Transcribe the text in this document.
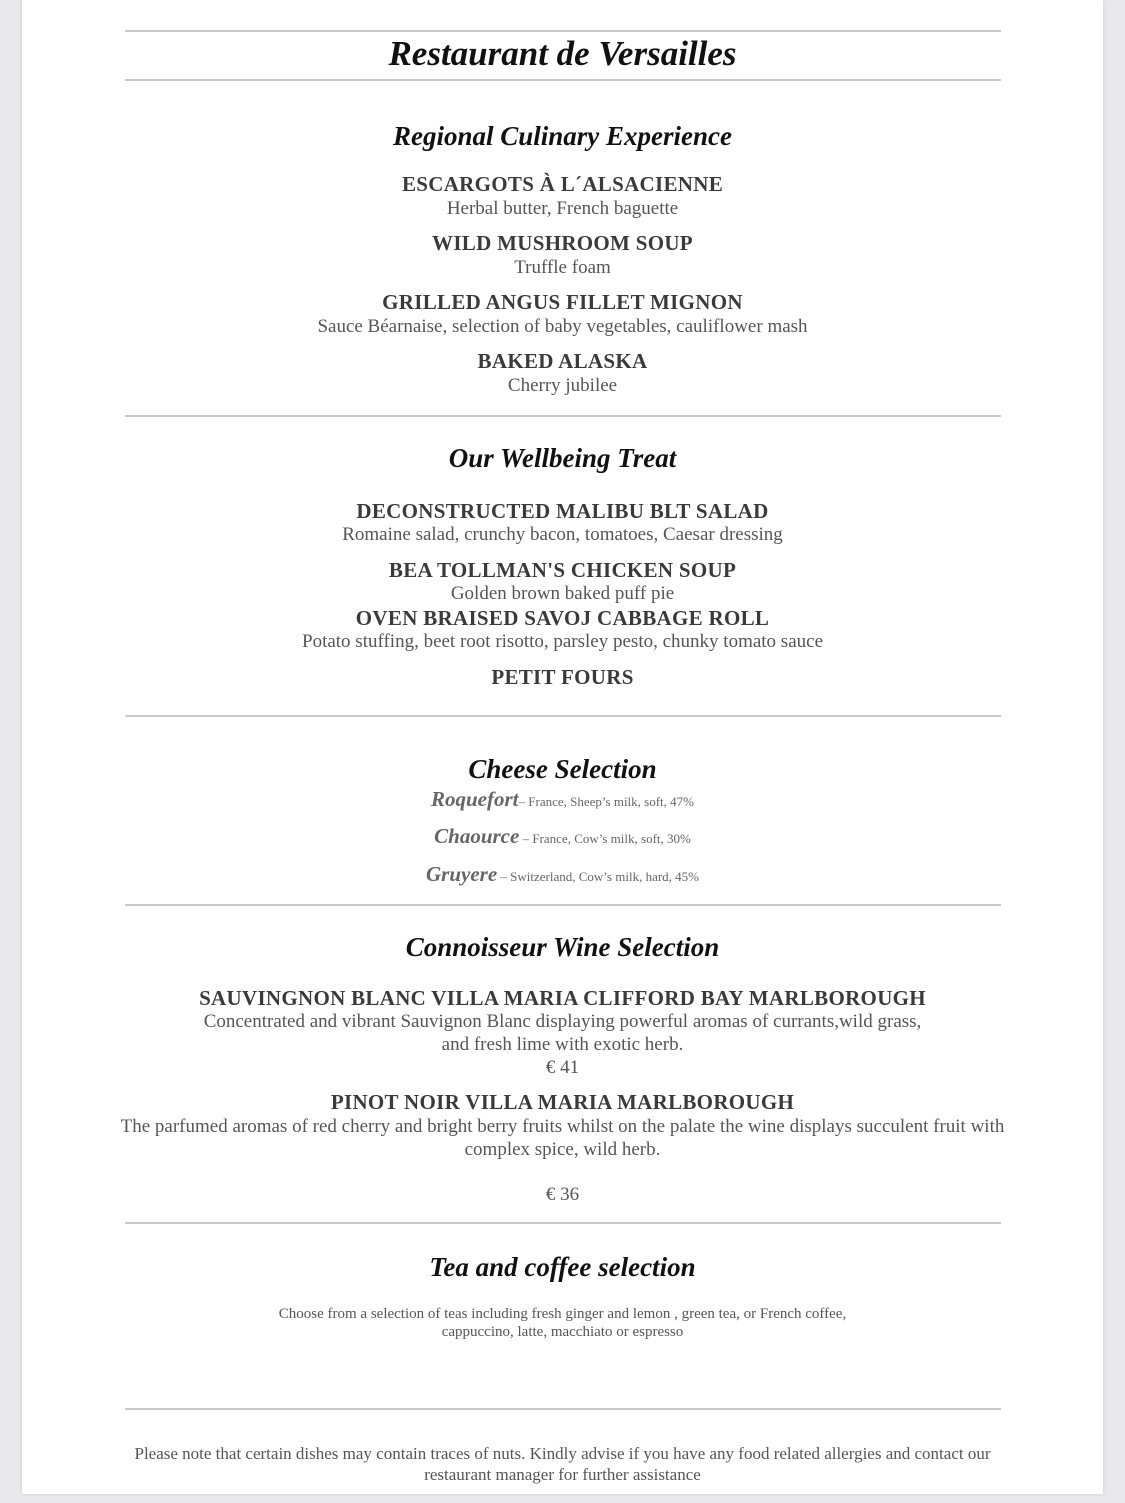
Restaurant de Versailles
Regional Culinary Experience
ESCARGOTS À L´ALSACIENNE
Herbal butter, French baguette
WILD MUSHROOM SOUP
Truffle foam
GRILLED ANGUS FILLET MIGNON
Sauce Béarnaise, selection of baby vegetables, cauliflower mash
BAKED ALASKA
Cherry jubilee
Our Wellbeing Treat
DECONSTRUCTED MALIBU BLT SALAD
Romaine salad, crunchy bacon, tomatoes, Caesar dressing
BEA TOLLMAN'S CHICKEN SOUP
Golden brown baked puff pie
OVEN BRAISED SAVOJ CABBAGE ROLL
Potato stuffing, beet root risotto, parsley pesto, chunky tomato sauce
PETIT FOURS
Cheese Selection
Roquefort– France, Sheep’s milk, soft, 47%
Chaource – France, Cow’s milk, soft, 30%
Gruyere – Switzerland, Cow’s milk, hard, 45%
Connoisseur Wine Selection
SAUVINGNON BLANC VILLA MARIA CLIFFORD BAY MARLBOROUGH
Concentrated and vibrant Sauvignon Blanc displaying powerful aromas of currants,wild grass,
and fresh lime with exotic herb.
€ 41
PINOT NOIR VILLA MARIA MARLBOROUGH
The parfumed aromas of red cherry and bright berry fruits whilst on the palate the wine displays succulent fruit with
complex spice, wild herb.
€ 36
Tea and coffee selection
Choose from a selection of teas including fresh ginger and lemon , green tea, or French coffee,
cappuccino, latte, macchiato or espresso
Please note that certain dishes may contain traces of nuts. Kindly advise if you have any food related allergies and contact our
restaurant manager for further assistance
